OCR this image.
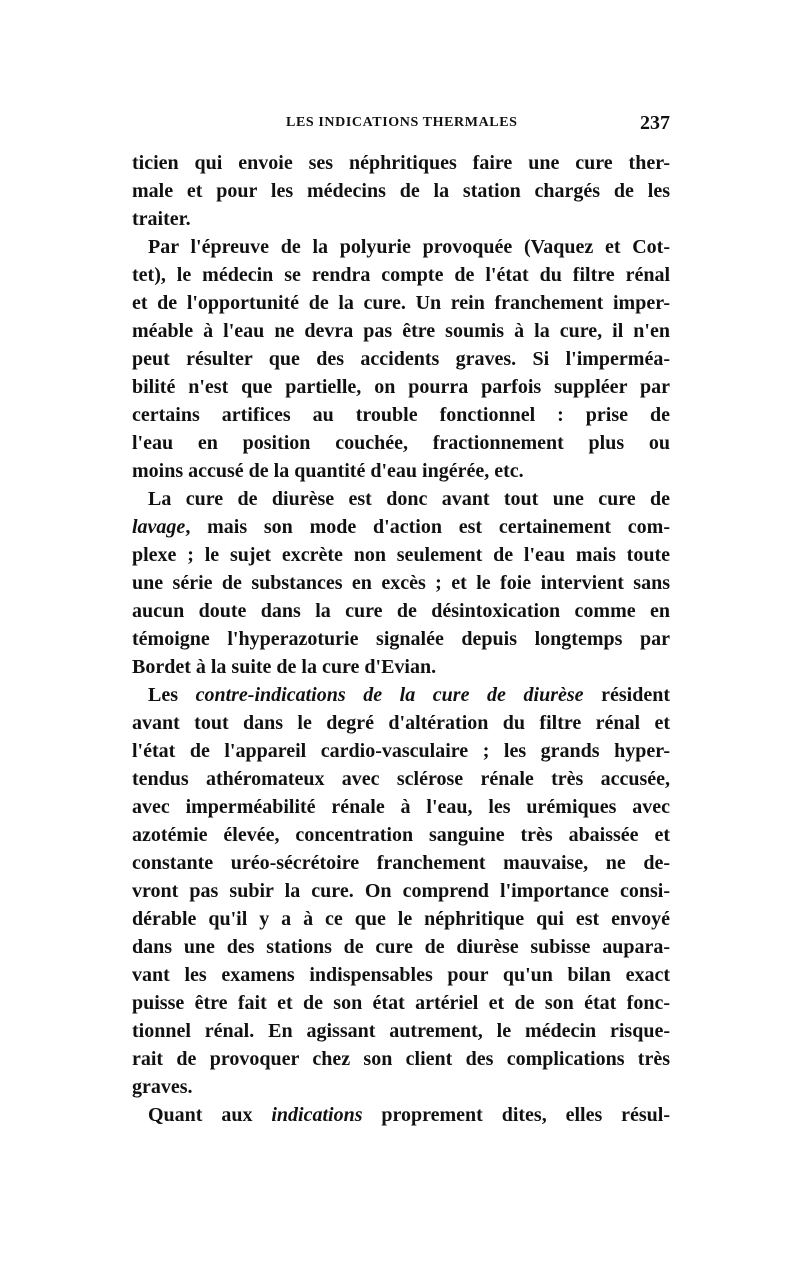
LES INDICATIONS THERMALES	237
ticien qui envoie ses néphritiques faire une cure ther-
male et pour les médecins de la station chargés de les
traiter.
Par l'épreuve de la polyurie provoquée (Vaquez et Cot-
tet), le médecin se rendra compte de l'état du filtre rénal
et de l'opportunité de la cure. Un rein franchement imper-
méable à l'eau ne devra pas être soumis à la cure, il n'en
peut résulter que des accidents graves. Si l'imperméa-
bilité n'est que partielle, on pourra parfois suppléer par
certains artifices au trouble fonctionnel : prise de
l'eau en position couchée, fractionnement plus ou
moins accusé de la quantité d'eau ingérée, etc.
La cure de diurèse est donc avant tout une cure de
lavage, mais son mode d'action est certainement com-
plexe ; le sujet excrète non seulement de l'eau mais toute
une série de substances en excès ; et le foie intervient sans
aucun doute dans la cure de désintoxication comme en
témoigne l'hyperazoturie signalée depuis longtemps par
Bordet à la suite de la cure d'Evian.
Les contre-indications de la cure de diurèse résident
avant tout dans le degré d'altération du filtre rénal et
l'état de l'appareil cardio-vasculaire ; les grands hyper-
tendus athéromateux avec sclérose rénale très accusée,
avec imperméabilité rénale à l'eau, les urémiques avec
azotémie élevée, concentration sanguine très abaissée et
constante uréo-sécrétoire franchement mauvaise, ne de-
vront pas subir la cure. On comprend l'importance consi-
dérable qu'il y a à ce que le néphritique qui est envoyé
dans une des stations de cure de diurèse subisse aupara-
vant les examens indispensables pour qu'un bilan exact
puisse être fait et de son état artériel et de son état fonc-
tionnel rénal. En agissant autrement, le médecin risque-
rait de provoquer chez son client des complications très
graves.
Quant aux indications proprement dites, elles résul-
